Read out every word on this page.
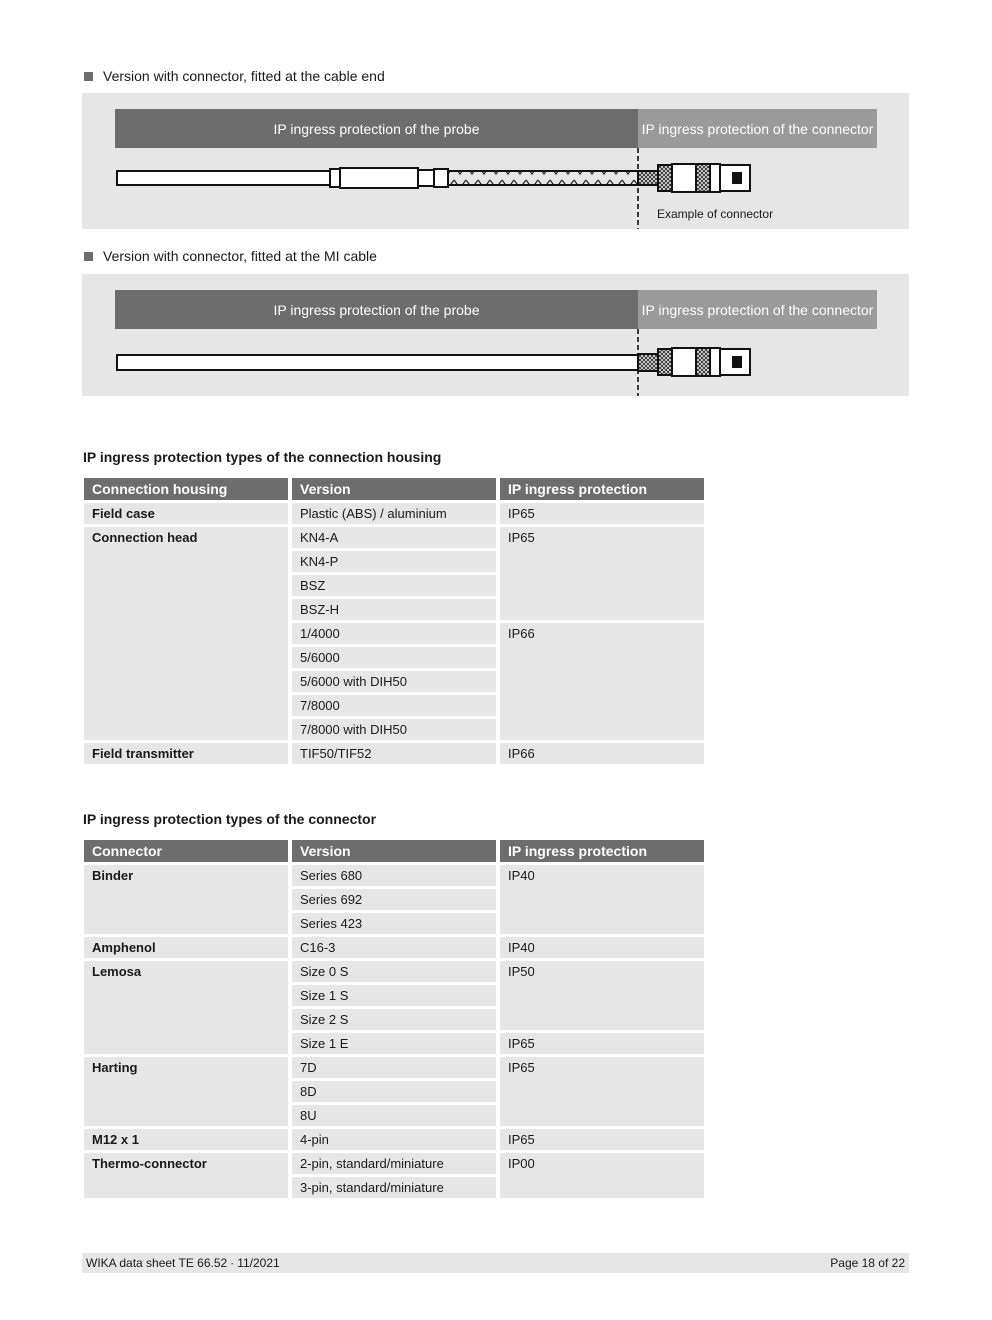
Version with connector, fitted at the cable end
IP ingress protection of the probe	IP ingress protection of the connector
Example of connector
Version with connector, fitted at the MI cable
IP ingress protection of the probe	IP ingress protection of the connector
IP ingress protection types of the connection housing
Connection housing	Version	IP ingress protection
Field case	Plastic (ABS) / aluminium	IP65
Connection head	KN4-A	IP65
	KN4-P	
	BSZ	
	BSZ-H	
	1/4000	IP66
	5/6000	
	5/6000 with DIH50	
	7/8000	
	7/8000 with DIH50	
Field transmitter	TIF50/TIF52	IP66
IP ingress protection types of the connector
Connector	Version	IP ingress protection
Binder	Series 680	IP40
	Series 692	
	Series 423	
Amphenol	C16-3	IP40
Lemosa	Size 0 S	IP50
	Size 1 S	
	Size 2 S	
	Size 1 E	IP65
Harting	7D	IP65
	8D	
	8U	
M12 x 1	4-pin	IP65
Thermo-connector	2-pin, standard/miniature	IP00
	3-pin, standard/miniature	
WIKA data sheet TE 66.52 ∙ 11/2021	Page 18 of 22
